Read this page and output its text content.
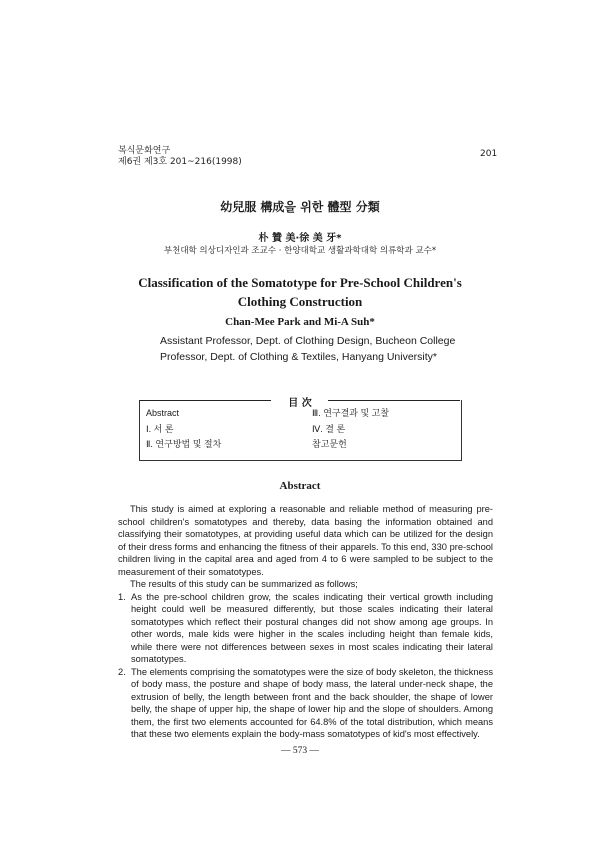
복식문화연구
제6권 제3호 201~216(1998)
201
幼兒服 構成을 위한 體型 分類
朴 贊 美·徐 美 牙*
부천대학 의상디자인과 조교수 · 한양대학교 생활과학대학 의류학과 교수*
Classification of the Somatotype for Pre-School Children's
Clothing Construction
Chan-Mee Park and Mi-A Suh*
Assistant Professor, Dept. of Clothing Design, Bucheon College
Professor, Dept. of Clothing & Textiles, Hanyang University*
目 次
Abstract
Ⅰ. 서 론
Ⅱ. 연구방법 및 절차
Ⅲ. 연구결과 및 고찰
Ⅳ. 결 론
참고문헌
Abstract

This study is aimed at exploring a reasonable and reliable method of measuring pre-school children's somatotypes and thereby, data basing the information obtained and classifying their somatotypes, at providing useful data which can be utilized for the design of their dress forms and enhancing the fitness of their apparels. To this end, 330 pre-school children living in the capital area and aged from 4 to 6 were sampled to be subject to the measurement of their somatotypes.

The results of this study can be summarized as follows;

1. As the pre-school children grow, the scales indicating their vertical growth including height could well be measured differently, but those scales indicating their lateral somatotypes which reflect their postural changes did not show among age groups. In other words, male kids were higher in the scales including height than female kids, while there were not differences between sexes in most scales indicating their lateral somatotypes.
2. The elements comprising the somatotypes were the size of body skeleton, the thickness of body mass, the posture and shape of body mass, the lateral under-neck shape, the extrusion of belly, the length between front and the back shoulder, the shape of lower belly, the shape of upper hip, the shape of lower hip and the slope of shoulders. Among them, the first two elements accounted for 64.8% of the total distribution, which means that these two elements explain the body-mass somatotypes of kid's most effectively.
— 573 —
